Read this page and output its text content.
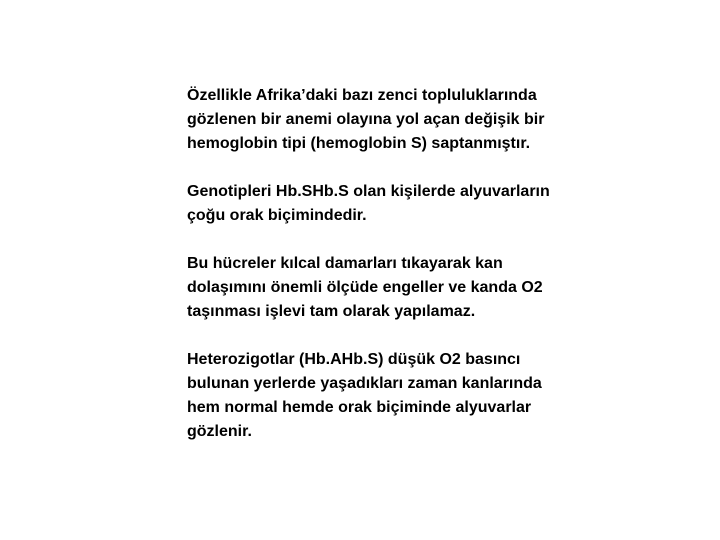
Özellikle Afrika’daki bazı zenci topluluklarında
gözlenen bir anemi olayına yol açan değişik bir
hemoglobin tipi (hemoglobin S) saptanmıştır.

Genotipleri Hb.SHb.S olan kişilerde alyuvarların
çoğu orak biçimindedir.

Bu hücreler kılcal damarları tıkayarak kan
dolaşımını önemli ölçüde engeller ve kanda O2
taşınması işlevi tam olarak yapılamaz.

Heterozigotlar (Hb.AHb.S) düşük O2 basıncı
bulunan yerlerde yaşadıkları zaman kanlarında
hem normal hemde orak biçiminde alyuvarlar
gözlenir.
